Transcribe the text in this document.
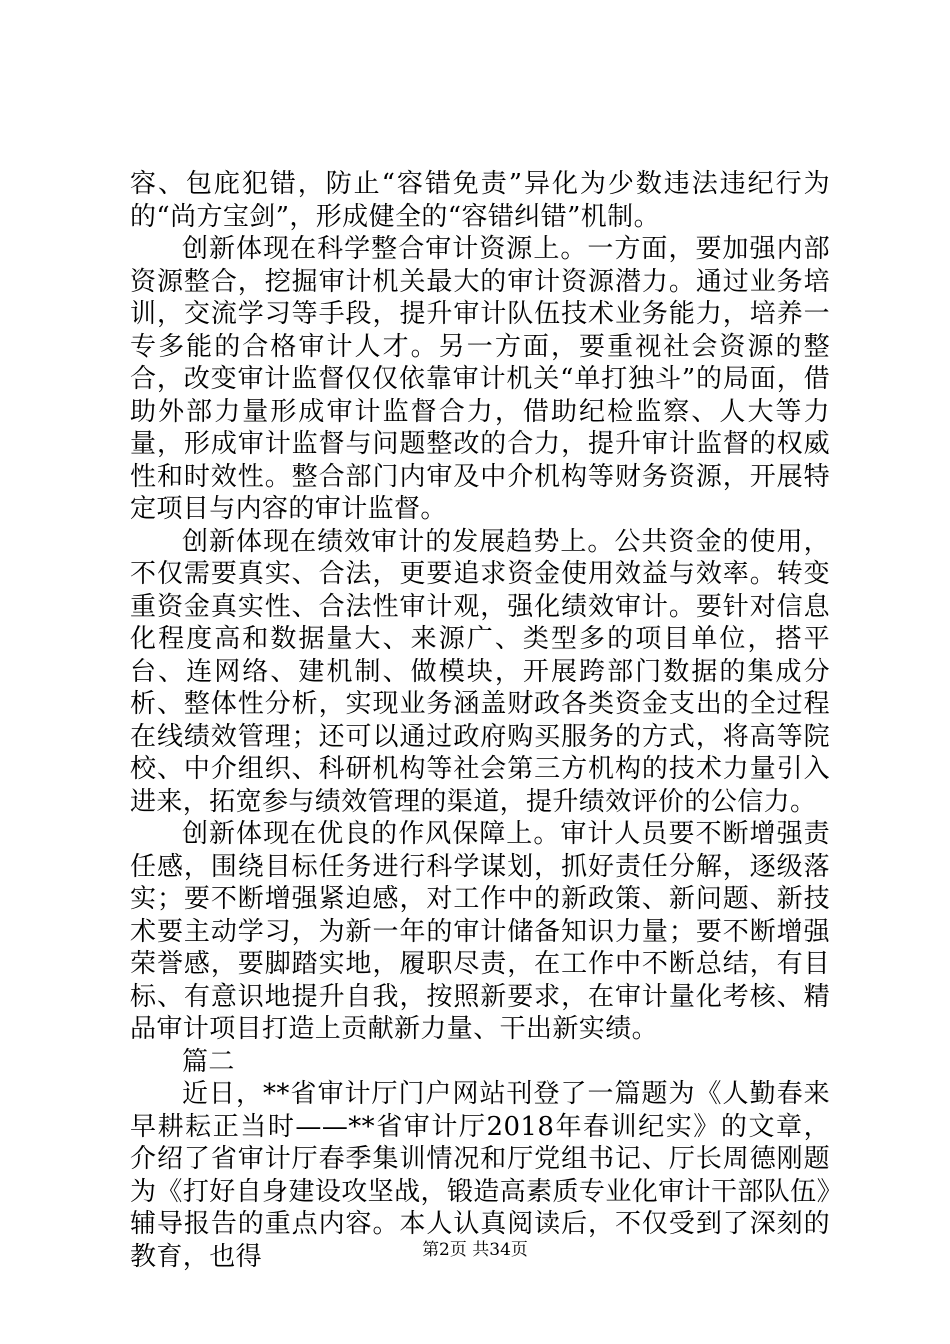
容、包庇犯错，防止“容错免责”异化为少数违法违纪行为的“尚方宝剑”，形成健全的“容错纠错”机制。

创新体现在科学整合审计资源上。一方面，要加强内部资源整合，挖掘审计机关最大的审计资源潜力。通过业务培训，交流学习等手段，提升审计队伍技术业务能力，培养一专多能的合格审计人才。另一方面，要重视社会资源的整合，改变审计监督仅仅依靠审计机关“单打独斗”的局面，借助外部力量形成审计监督合力，借助纪检监察、人大等力量，形成审计监督与问题整改的合力，提升审计监督的权威性和时效性。整合部门内审及中介机构等财务资源，开展特定项目与内容的审计监督。

创新体现在绩效审计的发展趋势上。公共资金的使用，不仅需要真实、合法，更要追求资金使用效益与效率。转变重资金真实性、合法性审计观，强化绩效审计。要针对信息化程度高和数据量大、来源广、类型多的项目单位，搭平台、连网络、建机制、做模块，开展跨部门数据的集成分析、整体性分析，实现业务涵盖财政各类资金支出的全过程在线绩效管理；还可以通过政府购买服务的方式，将高等院校、中介组织、科研机构等社会第三方机构的技术力量引入进来，拓宽参与绩效管理的渠道，提升绩效评价的公信力。

创新体现在优良的作风保障上。审计人员要不断增强责任感，围绕目标任务进行科学谋划，抓好责任分解，逐级落实；要不断增强紧迫感，对工作中的新政策、新问题、新技术要主动学习，为新一年的审计储备知识力量；要不断增强荣誉感，要脚踏实地，履职尽责，在工作中不断总结，有目标、有意识地提升自我，按照新要求，在审计量化考核、精品审计项目打造上贡献新力量、干出新实绩。

篇二

近日，**省审计厅门户网站刊登了一篇题为《人勤春来早耕耘正当时——**省审计厅2018年春训纪实》的文章，介绍了省审计厅春季集训情况和厅党组书记、厅长周德刚题为《打好自身建设攻坚战，锻造高素质专业化审计干部队伍》辅导报告的重点内容。本人认真阅读后，不仅受到了深刻的教育，也得	第2页 共34页
